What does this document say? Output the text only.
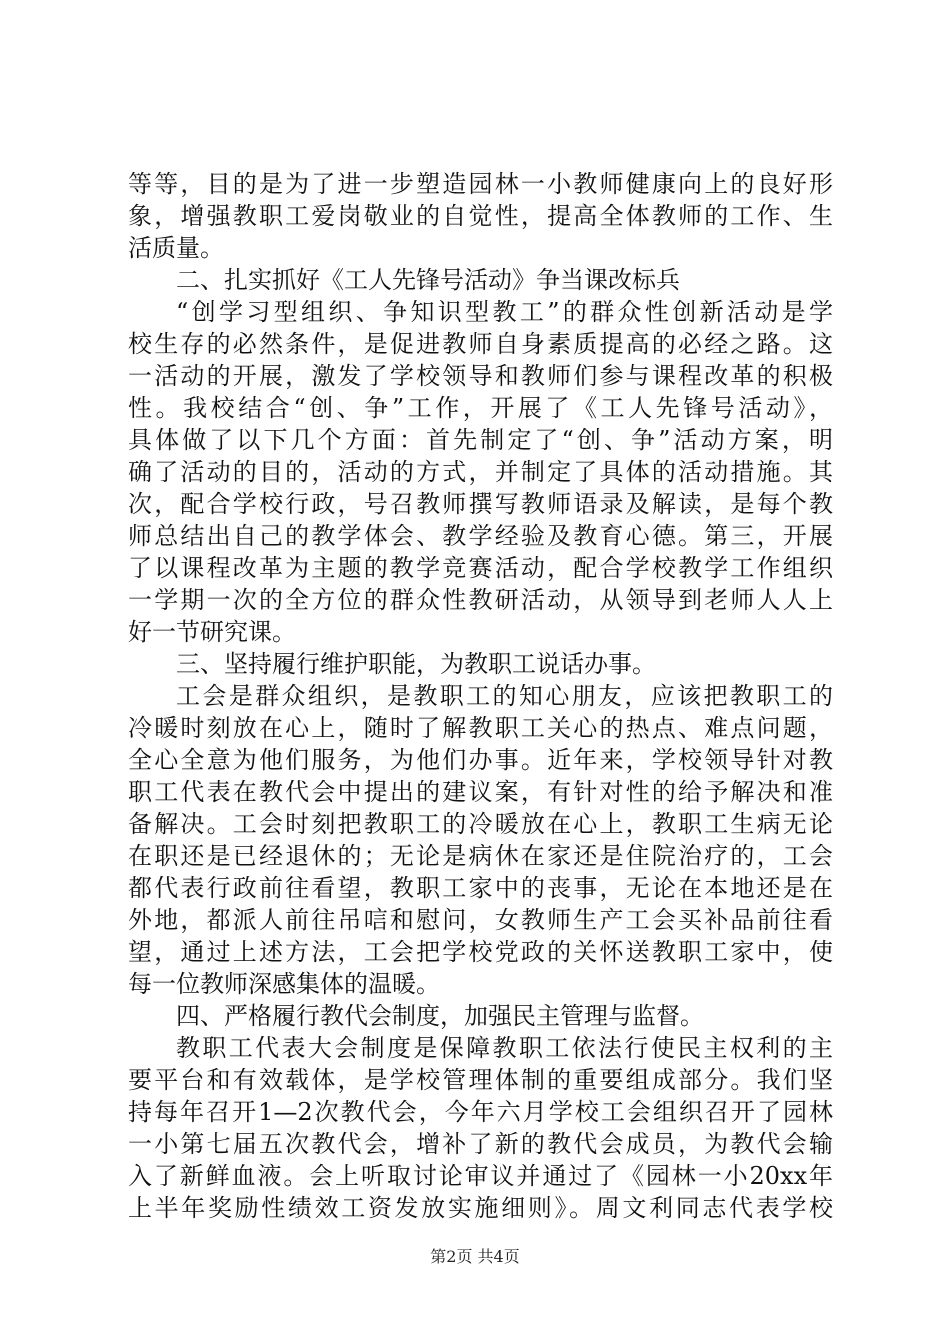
等等，目的是为了进一步塑造园林一小教师健康向上的良好形
象，增强教职工爱岗敬业的自觉性，提高全体教师的工作、生
活质量。
二、扎实抓好《工人先锋号活动》争当课改标兵
“创学习型组织、争知识型教工”的群众性创新活动是学
校生存的必然条件，是促进教师自身素质提高的必经之路。这
一活动的开展，激发了学校领导和教师们参与课程改革的积极
性。我校结合“创、争”工作，开展了《工人先锋号活动》，
具体做了以下几个方面：首先制定了“创、争”活动方案，明
确了活动的目的，活动的方式，并制定了具体的活动措施。其
次，配合学校行政，号召教师撰写教师语录及解读，是每个教
师总结出自己的教学体会、教学经验及教育心德。第三，开展
了以课程改革为主题的教学竞赛活动，配合学校教学工作组织
一学期一次的全方位的群众性教研活动，从领导到老师人人上
好一节研究课。
三、坚持履行维护职能，为教职工说话办事。
工会是群众组织，是教职工的知心朋友，应该把教职工的
冷暖时刻放在心上，随时了解教职工关心的热点、难点问题，
全心全意为他们服务，为他们办事。近年来，学校领导针对教
职工代表在教代会中提出的建议案，有针对性的给予解决和准
备解决。工会时刻把教职工的冷暖放在心上，教职工生病无论
在职还是已经退休的；无论是病休在家还是住院治疗的，工会
都代表行政前往看望，教职工家中的丧事，无论在本地还是在
外地，都派人前往吊唁和慰问，女教师生产工会买补品前往看
望，通过上述方法，工会把学校党政的关怀送教职工家中，使
每一位教师深感集体的温暖。
四、严格履行教代会制度，加强民主管理与监督。
教职工代表大会制度是保障教职工依法行使民主权利的主
要平台和有效载体，是学校管理体制的重要组成部分。我们坚
持每年召开1—2次教代会，今年六月学校工会组织召开了园林
一小第七届五次教代会，增补了新的教代会成员，为教代会输
入了新鲜血液。会上听取讨论审议并通过了《园林一小20xx年
上半年奖励性绩效工资发放实施细则》。周文利同志代表学校
第2页 共4页
